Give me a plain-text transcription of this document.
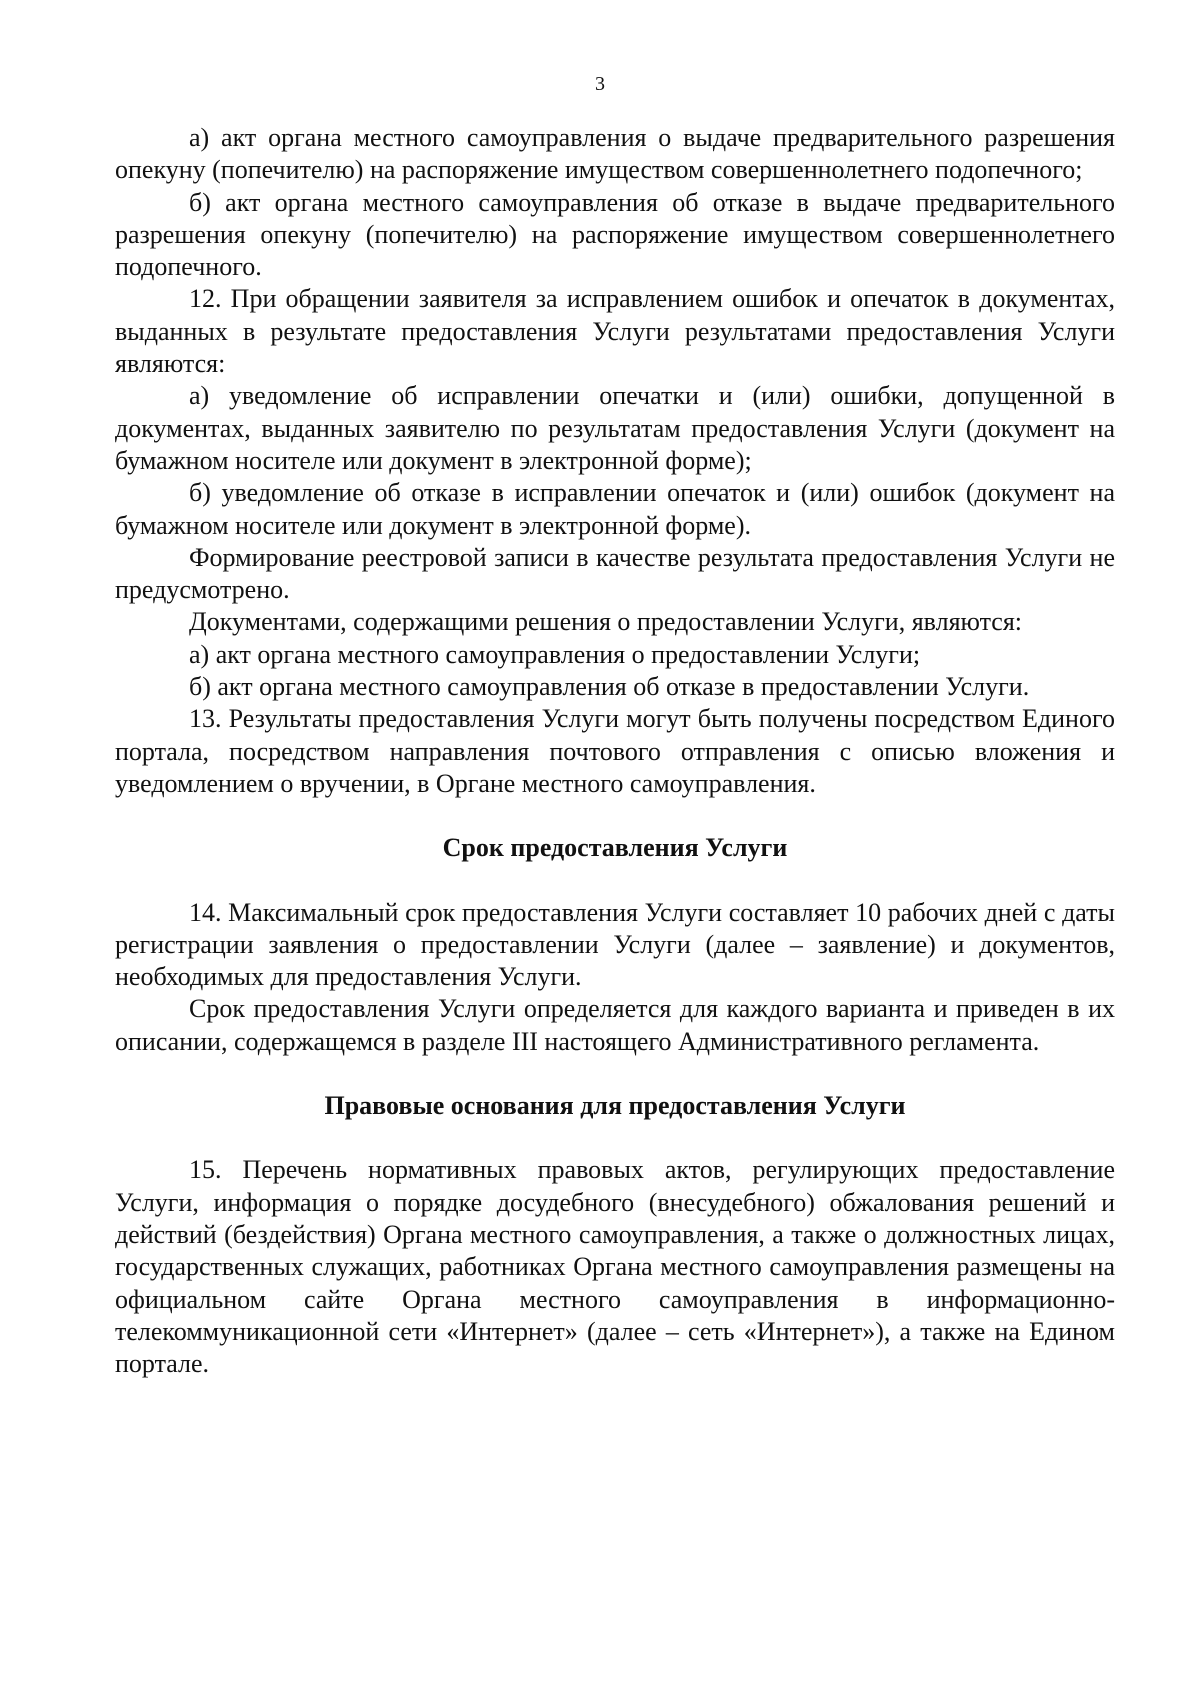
3

а) акт органа местного самоуправления о выдаче предварительного разрешения опекуну (попечителю) на распоряжение имуществом совершеннолетнего подопечного;

б) акт органа местного самоуправления об отказе в выдаче предварительного разрешения опекуну (попечителю) на распоряжение имуществом совершеннолетнего подопечного.

12. При обращении заявителя за исправлением ошибок и опечаток в документах, выданных в результате предоставления Услуги результатами предоставления Услуги являются:

а) уведомление об исправлении опечатки и (или) ошибки, допущенной в документах, выданных заявителю по результатам предоставления Услуги (документ на бумажном носителе или документ в электронной форме);

б) уведомление об отказе в исправлении опечаток и (или) ошибок (документ на бумажном носителе или документ в электронной форме).

Формирование реестровой записи в качестве результата предоставления Услуги не предусмотрено.

Документами, содержащими решения о предоставлении Услуги, являются:

а) акт органа местного самоуправления о предоставлении Услуги;

б) акт органа местного самоуправления об отказе в предоставлении Услуги.

13. Результаты предоставления Услуги могут быть получены посредством Единого портала, посредством направления почтового отправления с описью вложения и уведомлением о вручении, в Органе местного самоуправления.

Срок предоставления Услуги

14. Максимальный срок предоставления Услуги составляет 10 рабочих дней с даты регистрации заявления о предоставлении Услуги (далее – заявление) и документов, необходимых для предоставления Услуги.

Срок предоставления Услуги определяется для каждого варианта и приведен в их описании, содержащемся в разделе III настоящего Административного регламента.

Правовые основания для предоставления Услуги

15. Перечень нормативных правовых актов, регулирующих предоставление Услуги, информация о порядке досудебного (внесудебного) обжалования решений и действий (бездействия) Органа местного самоуправления, а также о должностных лицах, государственных служащих, работниках Органа местного самоуправления размещены на официальном сайте Органа местного самоуправления в информационно-телекоммуникационной сети «Интернет» (далее – сеть «Интернет»), а также на Едином портале.
